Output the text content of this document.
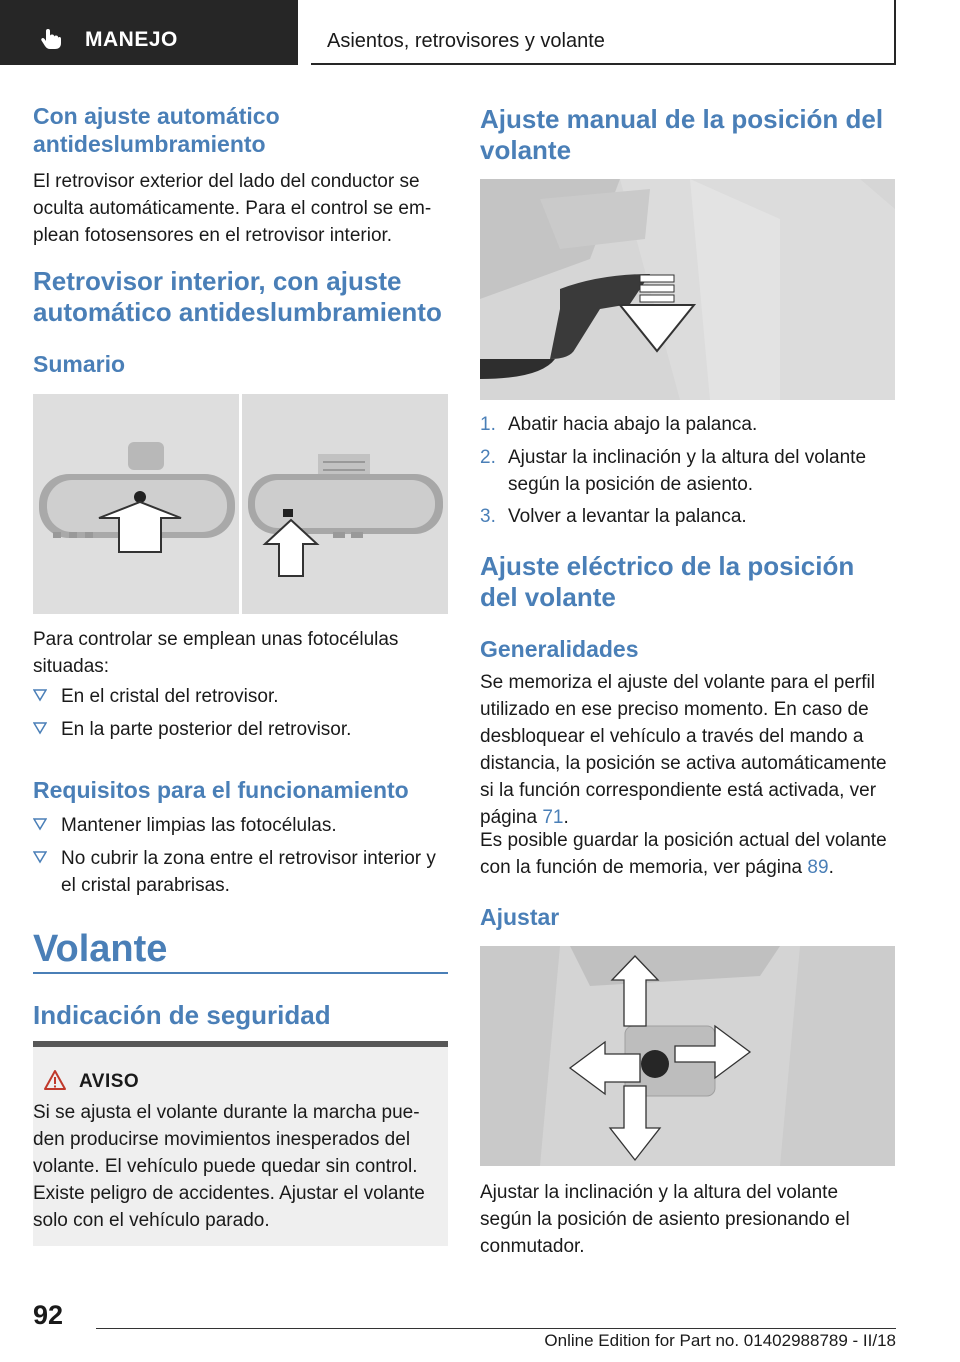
MANEJO	Asientos, retrovisores y volante
Con ajuste automático antideslumbramiento
El retrovisor exterior del lado del conductor se oculta automáticamente. Para el control se emplean fotosensores en el retrovisor interior.
Retrovisor interior, con ajuste automático antideslumbramiento
Sumario
Para controlar se emplean unas fotocélulas situadas:
En el cristal del retrovisor.
En la parte posterior del retrovisor.
Requisitos para el funcionamiento
Mantener limpias las fotocélulas.
No cubrir la zona entre el retrovisor interior y el cristal parabrisas.
Volante
Indicación de seguridad
AVISO
Si se ajusta el volante durante la marcha pueden producirse movimientos inesperados del volante. El vehículo puede quedar sin control. Existe peligro de accidentes. Ajustar el volante solo con el vehículo parado.
Ajuste manual de la posición del volante
1. Abatir hacia abajo la palanca.
2. Ajustar la inclinación y la altura del volante según la posición de asiento.
3. Volver a levantar la palanca.
Ajuste eléctrico de la posición del volante
Generalidades
Se memoriza el ajuste del volante para el perfil utilizado en ese preciso momento. En caso de desbloquear el vehículo a través del mando a distancia, la posición se activa automáticamente si la función correspondiente está activada, ver página 71.
Es posible guardar la posición actual del volante con la función de memoria, ver página 89.
Ajustar
Ajustar la inclinación y la altura del volante según la posición de asiento presionando el conmutador.
92
Online Edition for Part no. 01402988789 - II/18
